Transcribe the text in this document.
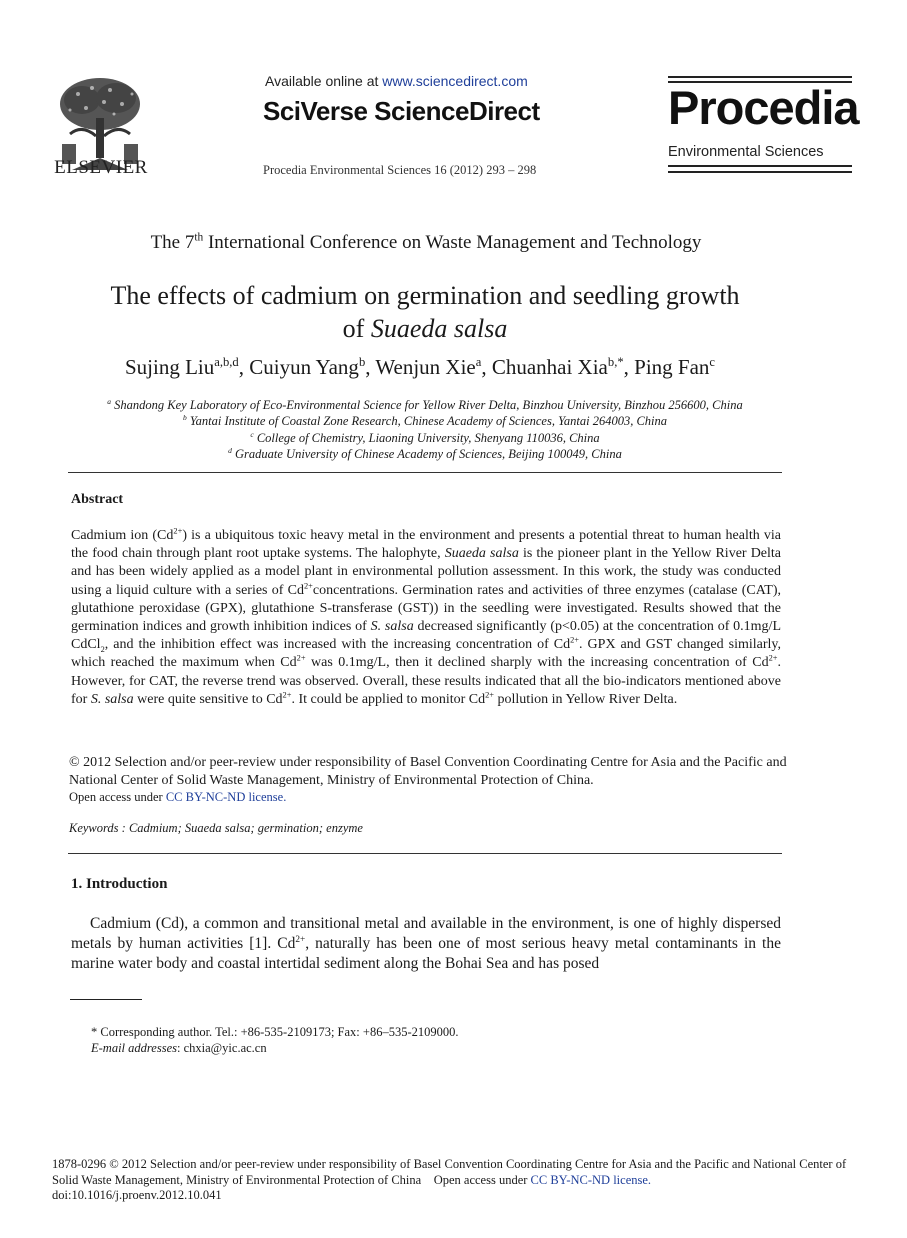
ELSEVIER
Available online at www.sciencedirect.com
SciVerse ScienceDirect
Procedia Environmental Sciences 16 (2012) 293 – 298
Procedia
Environmental Sciences
The 7th International Conference on Waste Management and Technology
The effects of cadmium on germination and seedling growth
of Suaeda salsa
Sujing Liu$^{a,b,d}$, Cuiyun Yang$^b$, Wenjun Xie$^a$, Chuanhai Xia$^{b,*}$, Ping Fan$^c$
$^a$ Shandong Key Laboratory of Eco-Environmental Science for Yellow River Delta, Binzhou University, Binzhou 256600, China
$^b$ Yantai Institute of Coastal Zone Research, Chinese Academy of Sciences, Yantai 264003, China
$^c$ College of Chemistry, Liaoning University, Shenyang 110036, China
$^d$ Graduate University of Chinese Academy of Sciences, Beijing 100049, China
Abstract
Cadmium ion $(Cd^{2+})$ is a ubiquitous toxic heavy metal in the environment and presents a potential threat to human health via the food chain through plant root uptake systems. The halophyte, Suaeda salsa is the pioneer plant in the Yellow River Delta and has been widely applied as a model plant in environmental pollution assessment. In this work, the study was conducted using a liquid culture with a series of $Cd^{2+}concentrations$. Germination rates and activities of three enzymes (catalase (CAT), glutathione peroxidase (GPX), glutathione S-transferase (GST)) in the seedling were investigated. Results showed that the germination indices and growth inhibition indices of S. salsa decreased significantly (p<0.05) at the concentration of 0.1mg/L CdCl$_2$, and the inhibition effect was increased with the increasing concentration of $Cd^{2+}$. GPX and GST changed similarly, which reached the maximum when $Cd^{2+}$ was 0.1mg/L, then it declined sharply with the increasing concentration of $Cd^{2+}$. However, for CAT, the reverse trend was observed. Overall, these results indicated that all the bio-indicators mentioned above for S. salsa were quite sensitive to $Cd^{2+}$. It could be applied to monitor $Cd^{2+}$ pollution in Yellow River Delta.
© 2012 Selection and/or peer-review under responsibility of Basel Convention Coordinating Centre for Asia and the Pacific and National Center of Solid Waste Management, Ministry of Environmental Protection of China.
Open access under CC BY-NC-ND license.
Keywords : Cadmium; Suaeda salsa; germination; enzyme
1. Introduction
Cadmium (Cd), a common and transitional metal and available in the environment, is one of highly dispersed metals by human activities [1]. $Cd^{2+}$, naturally has been one of most serious heavy metal contaminants in the marine water body and coastal intertidal sediment along the Bohai Sea and has posed
* Corresponding author. Tel.: +86-535-2109173; Fax: +86–535-2109000.
E-mail addresses: chxia@yic.ac.cn
1878-0296 © 2012 Selection and/or peer-review under responsibility of Basel Convention Coordinating Centre for Asia and the Pacific and National Center of Solid Waste Management, Ministry of Environmental Protection of China Open access under CC BY-NC-ND license.
doi:10.1016/j.proenv.2012.10.041
